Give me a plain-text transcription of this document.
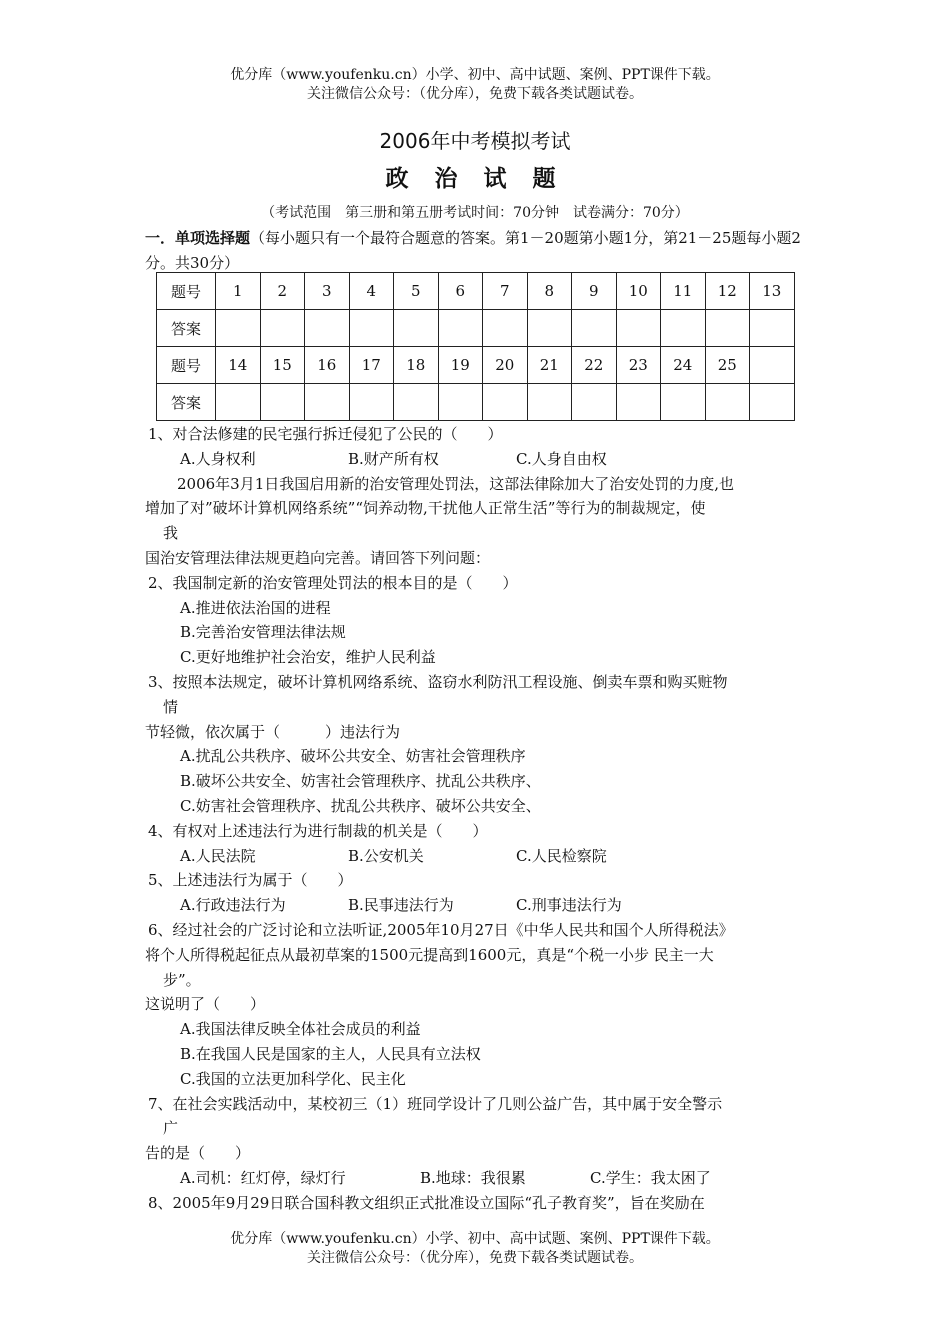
优分库（www.youfenku.cn）小学、初中、高中试题、案例、PPT课件下载。
关注微信公众号：（优分库），免费下载各类试题试卷。
2006年中考模拟考试
政 治 试 题
（考试范围　第三册和第五册考试时间：70分钟　试卷满分：70分）
一．单项选择题（每小题只有一个最符合题意的答案。第1－20题第小题1分，第21－25题每小题2分。共30分）
题号	1	2	3	4	5	6	7	8	9	10	11	12	13
答案													
题号	14	15	16	17	18	19	20	21	22	23	24	25	
答案													
1、对合法修建的民宅强行拆迁侵犯了公民的（　　）
A.人身权利	B.财产所有权	C.人身自由权
2006年3月1日我国启用新的治安管理处罚法，这部法律除加大了治安处罚的力度,也
增加了对”破坏计算机网络系统”“饲养动物,干扰他人正常生活”等行为的制裁规定，使
　我
国治安管理法律法规更趋向完善。请回答下列问题：
2、我国制定新的治安管理处罚法的根本目的是（　　）
A.推进依法治国的进程
B.完善治安管理法律法规
C.更好地维护社会治安，维护人民利益
3、按照本法规定，破坏计算机网络系统、盗窃水利防汛工程设施、倒卖车票和购买赃物
　情
节轻微，依次属于（　　　）违法行为
A.扰乱公共秩序、破坏公共安全、妨害社会管理秩序
B.破坏公共安全、妨害社会管理秩序、扰乱公共秩序、
C.妨害社会管理秩序、扰乱公共秩序、破坏公共安全、
4、有权对上述违法行为进行制裁的机关是（　　）
A.人民法院	B.公安机关	C.人民检察院
5、上述违法行为属于（　　）
A.行政违法行为	B.民事违法行为	C.刑事违法行为
6、经过社会的广泛讨论和立法听证,2005年10月27日《中华人民共和国个人所得税法》
将个人所得税起征点从最初草案的1500元提高到1600元，真是“个税一小步 民主一大
　步”。
这说明了（　　）
A.我国法律反映全体社会成员的利益
B.在我国人民是国家的主人，人民具有立法权
C.我国的立法更加科学化、民主化
7、在社会实践活动中，某校初三（1）班同学设计了几则公益广告，其中属于安全警示
　广
告的是（　　）
A.司机：红灯停，绿灯行	B.地球：我很累	C.学生：我太困了
8、2005年9月29日联合国科教文组织正式批准设立国际“孔子教育奖”，旨在奖励在
优分库（www.youfenku.cn）小学、初中、高中试题、案例、PPT课件下载。
关注微信公众号：（优分库），免费下载各类试题试卷。
